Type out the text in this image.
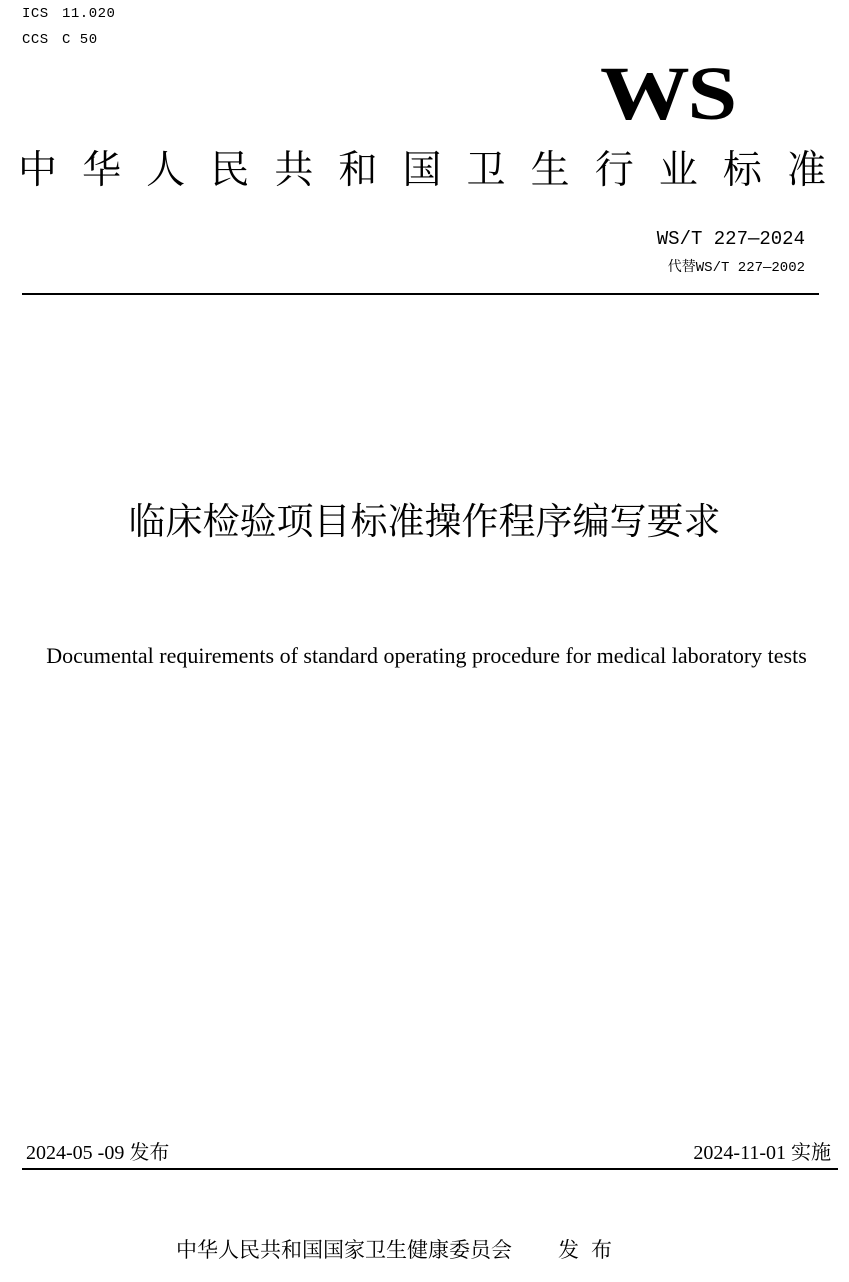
ICS 11.020
CCS C 50
WS
中 华 人 民 共 和 国 卫 生 行 业 标 准
WS/T 227—2024
代替WS/T 227—2002
临床检验项目标准操作程序编写要求
Documental requirements of standard operating procedure for medical laboratory tests
2024-05 -09 发布	2024-11-01 实施
中华人民共和国国家卫生健康委员会 发 布
